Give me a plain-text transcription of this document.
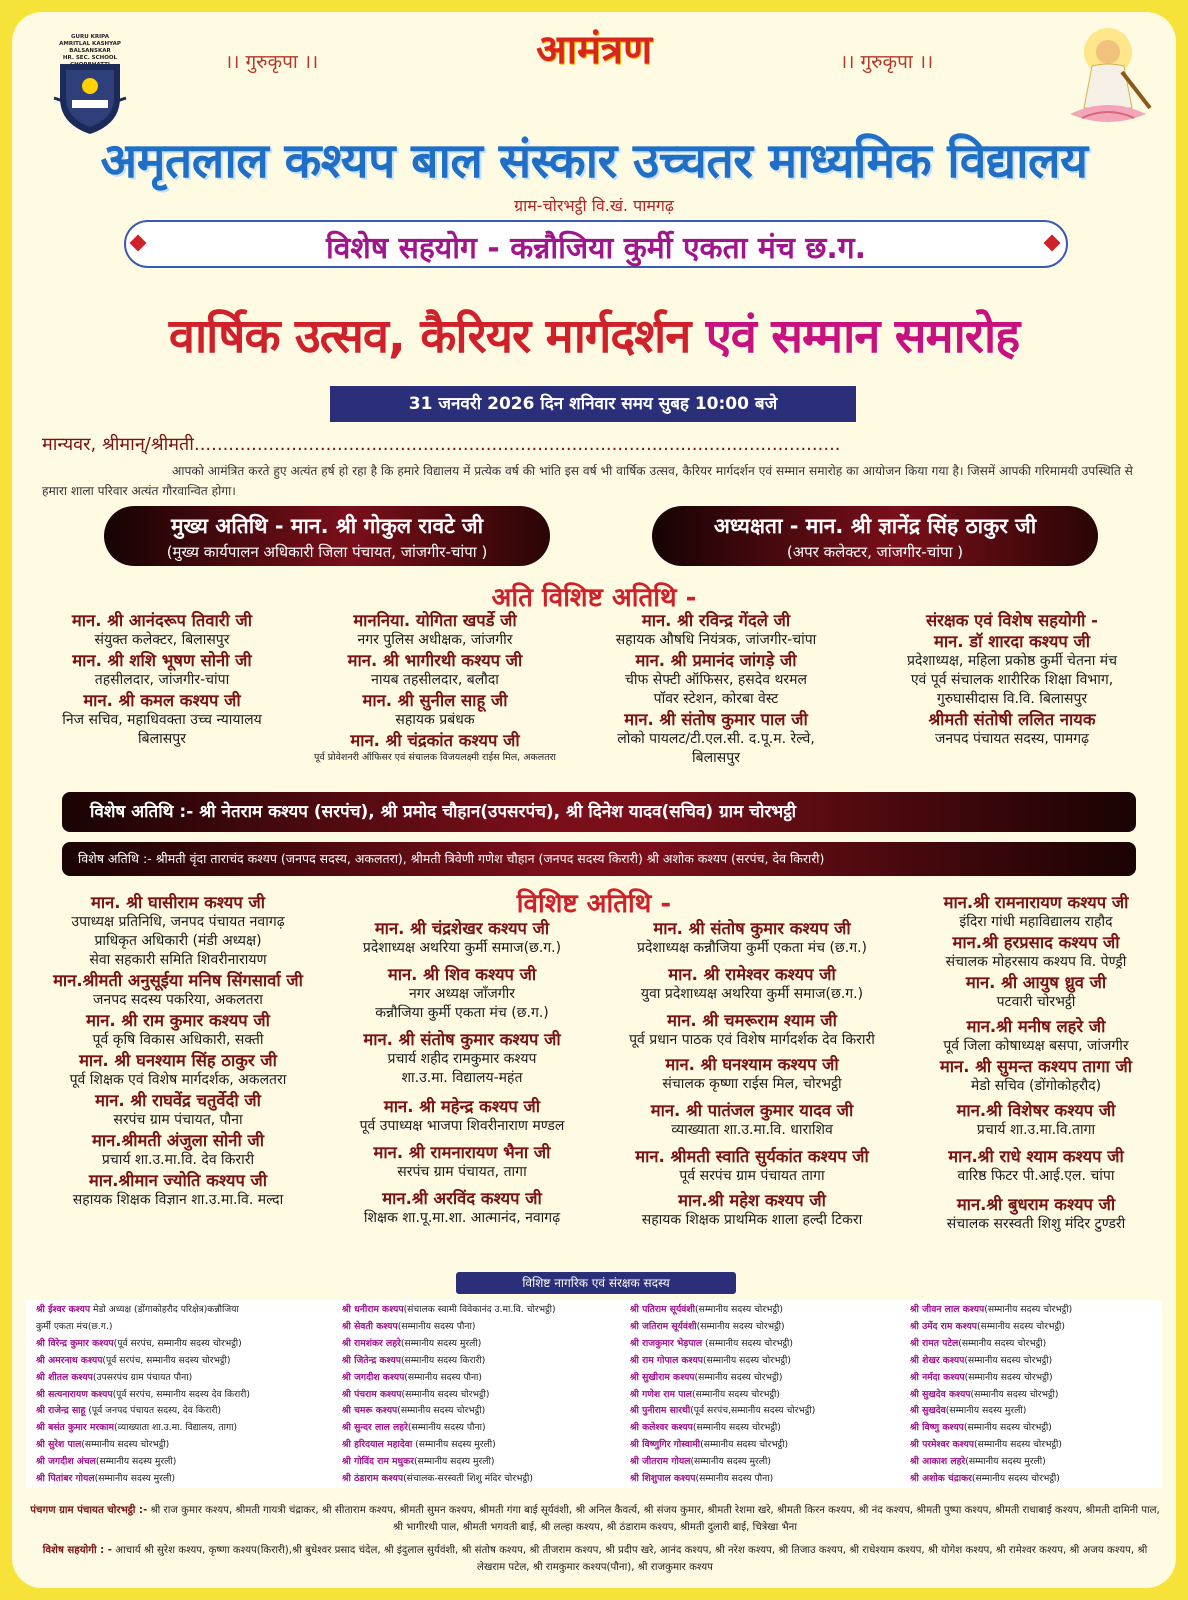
GURU KRIPA
AMRITLAL KASHYAP BALSANSKAR
HR. SEC. SCHOOL	।। गुरुकृपा ।।	।। गुरुकृपा ।।
आमंत्रण
अमृतलाल कश्यप बाल संस्कार उच्चतर माध्यमिक विद्यालय
ग्राम-चोरभट्ठी वि.खं. पामगढ़
विशेष सहयोग - कन्नौजिया कुर्मी एकता मंच छ.ग.
वार्षिक उत्सव, कैरियर मार्गदर्शन एवं सम्मान समारोह
31 जनवरी 2026 दिन शनिवार समय सुबह 10:00 बजे
मान्यवर, श्रीमान्/श्रीमती.................................................................................................................
आपको आमंत्रित करते हुए अत्यंत हर्ष हो रहा है कि हमारे विद्यालय में प्रत्येक वर्ष की भांति इस वर्ष भी वार्षिक उत्सव, कैरियर मार्गदर्शन एवं सम्मान समारोह का आयोजन किया गया है। जिसमें आपकी गरिमामयी उपस्थिति से हमारा शाला परिवार अत्यंत गौरवान्वित होगा।
मुख्य अतिथि - मान. श्री गोकुल रावटे जी
(मुख्य कार्यपालन अधिकारी जिला पंचायत, जांजगीर-चांपा )
अध्यक्षता - मान. श्री ज्ञानेंद्र सिंह ठाकुर जी
(अपर कलेक्टर, जांजगीर-चांपा )
अति विशिष्ट अतिथि -
मान. श्री आनंदरूप तिवारी जी
संयुक्त कलेक्टर, बिलासपुर
मान. श्री शशि भूषण सोनी जी
तहसीलदार, जांजगीर-चांपा
मान. श्री कमल कश्यप जी
निज सचिव, महाधिवक्ता उच्च न्यायालय
बिलासपुर
माननिया. योगिता खपर्डे जी
नगर पुलिस अधीक्षक, जांजगीर
मान. श्री भागीरथी कश्यप जी
नायब तहसीलदार, बलौदा
मान. श्री सुनील साहू जी
सहायक प्रबंधक
मान. श्री चंद्रकांत कश्यप जी
पूर्व प्रोवेशनरी ऑफिसर एवं संचालक विजयलक्ष्मी राईस मिल, अकलतरा
मान. श्री रविन्द्र गेंदले जी
सहायक औषधि नियंत्रक, जांजगीर-चांपा
मान. श्री प्रमानंद जांगड़े जी
चीफ सेफ्टी ऑफिसर, हसदेव थरमल
पॉवर स्टेशन, कोरबा वेस्ट
मान. श्री संतोष कुमार पाल जी
लोको पायलट/टी.एल.सी. द.पू.म. रेल्वे,
बिलासपुर
संरक्षक एवं विशेष सहयोगी -
मान. डॉ शारदा कश्यप जी
प्रदेशाध्यक्ष, महिला प्रकोष्ठ कुर्मी चेतना मंच
एवं पूर्व संचालक शारीरिक शिक्षा विभाग,
गुरुघासीदास वि.वि. बिलासपुर
श्रीमती संतोषी ललित नायक
जनपद पंचायत सदस्य, पामगढ़
विशेष अतिथि :- श्री नेतराम कश्यप (सरपंच), श्री प्रमोद चौहान(उपसरपंच), श्री दिनेश यादव(सचिव) ग्राम चोरभट्ठी
विशेष अतिथि :- श्रीमती वृंदा ताराचंद कश्यप (जनपद सदस्य, अकलतरा), श्रीमती त्रिवेणी गणेश चौहान (जनपद सदस्य किरारी) श्री अशोक कश्यप (सरपंच, देव किरारी)
विशिष्ट अतिथि -
मान. श्री घासीराम कश्यप जी
उपाध्यक्ष प्रतिनिधि, जनपद पंचायत नवागढ़
प्राधिकृत अधिकारी (मंडी अध्यक्ष)
सेवा सहकारी समिति शिवरीनारायण
मान.श्रीमती अनुसूईया मनिष सिंगसार्वा जी
जनपद सदस्य पकरिया, अकलतरा
मान. श्री राम कुमार कश्यप जी
पूर्व कृषि विकास अधिकारी, सक्ती
मान. श्री घनश्याम सिंह ठाकुर जी
पूर्व शिक्षक एवं विशेष मार्गदर्शक, अकलतरा
मान. श्री राघवेंद्र चतुर्वेदी जी
सरपंच ग्राम पंचायत, पौना
मान.श्रीमती अंजुला सोनी जी
प्रचार्य शा.उ.मा.वि. देव किरारी
मान.श्रीमान ज्योति कश्यप जी
सहायक शिक्षक विज्ञान शा.उ.मा.वि. मल्दा
मान. श्री चंद्रशेखर कश्यप जी
प्रदेशाध्यक्ष अथरिया कुर्मी समाज(छ.ग.)
मान. श्री शिव कश्यप जी
नगर अध्यक्ष जाँजगीर
कन्नौजिया कुर्मी एकता मंच (छ.ग.)
मान. श्री संतोष कुमार कश्यप जी
प्रचार्य शहीद रामकुमार कश्यप
शा.उ.मा. विद्यालय-महंत
मान. श्री महेन्द्र कश्यप जी
पूर्व उपाध्यक्ष भाजपा शिवरीनाराण मण्डल
मान. श्री रामनारायण भैना जी
सरपंच ग्राम पंचायत, तागा
मान.श्री अरविंद कश्यप जी
शिक्षक शा.पू.मा.शा. आत्मानंद, नवागढ़
मान. श्री संतोष कुमार कश्यप जी
प्रदेशाध्यक्ष कन्नौजिया कुर्मी एकता मंच (छ.ग.)
मान. श्री रामेश्वर कश्यप जी
युवा प्रदेशाध्यक्ष अथरिया कुर्मी समाज(छ.ग.)
मान. श्री चमरूराम श्याम जी
पूर्व प्रधान पाठक एवं विशेष मार्गदर्शक देव किरारी
मान. श्री घनश्याम कश्यप जी
संचालक कृष्णा राईस मिल, चोरभट्ठी
मान. श्री पातंजल कुमार यादव जी
व्याख्याता शा.उ.मा.वि. धाराशिव
मान. श्रीमती स्वाति सुर्यकांत कश्यप जी
पूर्व सरपंच ग्राम पंचायत तागा
मान.श्री महेश कश्यप जी
सहायक शिक्षक प्राथमिक शाला हल्दी टिकरा
मान.श्री रामनारायण कश्यप जी
इंदिरा गांधी महाविद्यालय राहौद
मान.श्री हरप्रसाद कश्यप जी
संचालक मोहरसाय कश्यप वि. पेण्ड्री
मान. श्री आयुष ध्रुव जी
पटवारी चोरभट्ठी
मान.श्री मनीष लहरे जी
पूर्व जिला कोषाध्यक्ष बसपा, जांजगीर
मान. श्री सुमन्त कश्यप तागा जी
मेडो सचिव (डोंगोकोहरौद)
मान.श्री विशेषर कश्यप जी
प्रचार्य शा.उ.मा.वि.तागा
मान.श्री राधे श्याम कश्यप जी
वारिष्ठ फिटर पी.आई.एल. चांपा
मान.श्री बुधराम कश्यप जी
संचालक सरस्वती शिशु मंदिर टुण्डरी
विशिष्ट नागरिक एवं संरक्षक सदस्य
श्री ईश्वर कश्यप मेडो अध्यक्ष (डोंगाकोहरौद परिक्षेत्र)कन्नौजिया
कुर्मी एकता मंच(छ.ग.)
श्री विरेन्द्र कुमार कश्यप(पूर्व सरपंच, सम्मानीय सदस्य चोरभट्ठी)
श्री अमरनाथ कश्यप(पूर्व सरपंच, सम्मानीय सदस्य चोरभट्ठी)
श्री शीतल कश्यप(उपसरपंच ग्राम पंचायत पौना)
श्री सत्यनारायण कश्यप(पूर्व सरपंच, सम्मानीय सदस्य देव किरारी)
श्री राजेन्द्र साहू (पूर्व जनपद पंचायत सदस्य, देव किरारी)
श्री बसंत कुमार मरकाम(व्याख्याता शा.उ.मा. विद्यालय, तागा)
श्री सुरेश पाल(सम्मानीय सदस्य चोरभट्ठी)
श्री जगदीश अंचल(सम्मानीय सदस्य मुरली)
श्री पितांबर गोयल(सम्मानीय सदस्य मुरली)
श्री धनीराम कश्यप(संचालक स्वामी विवेकानंद उ.मा.वि. चोरभट्ठी)
श्री सेवती कश्यप(सम्मानीय सदस्य पौना)
श्री रामशंकर लहरे(सम्मानीय सदस्य मुरली)
श्री जितेन्द्र कश्यप(सम्मानीय सदस्य किरारी)
श्री जगदीश कश्यप(सम्मानीय सदस्य पौना)
श्री पंचराम कश्यप(सम्मानीय सदस्य चोरभट्ठी)
श्री चमरू कश्यप(सम्मानीय सदस्य चोरभट्ठी)
श्री सुन्दर लाल लहरे(सम्मानीय सदस्य पौना)
श्री हरिदयाल महादेवा (सम्मानीय सदस्य मुरली)
श्री गोविंद राम मधुकर(सम्मानीय सदस्य मुरली)
श्री ठंडाराम कश्यप(संचालक-सरस्वती शिशु मंदिर चोरभट्ठी)
श्री पतिराम सूर्यवंशी(सम्मानीय सदस्य चोरभट्ठी)
श्री जतिराम सूर्यवंशी(सम्मानीय सदस्य चोरभट्ठी)
श्री राजकुमार भेड़पाल (सम्मानीय सदस्य चोरभट्ठी)
श्री राम गोपाल कश्यप(सम्मानीय सदस्य चोरभट्ठी)
श्री सुखीराम कश्यप(सम्मानीय सदस्य चोरभट्ठी)
श्री गणेश राम पाल(सम्मानीय सदस्य चोरभट्ठी)
श्री पुनीराम सारथी(पूर्व सरपंच,सम्मानीय सदस्य चोरभट्ठी)
श्री कलेश्वर कश्यप(सम्मानीय सदस्य चोरभट्ठी)
श्री विष्णुगिर गोस्वामी(सम्मानीय सदस्य चोरभट्ठी)
श्री जीतराम गोयल(सम्मानीय सदस्य मुरली)
श्री शिशुपाल कश्यप(सम्मानीय सदस्य पौना)
श्री जीवन लाल कश्यप(सम्मानीय सदस्य चोरभट्ठी)
श्री उमेंद राम कश्यप(सम्मानीय सदस्य चोरभट्ठी)
श्री रामत पटेल(सम्मानीय सदस्य चोरभट्ठी)
श्री शेखर कश्यप(सम्मानीय सदस्य चोरभट्ठी)
श्री नर्मदा कश्यप(सम्मानीय सदस्य चोरभट्ठी)
श्री सुखदेव कश्यप(सम्मानीय सदस्य चोरभट्ठी)
श्री सुखदेव(सम्मानीय सदस्य मुरली)
श्री विष्णु कश्यप(सम्मानीय सदस्य चोरभट्ठी)
श्री परमेश्वर कश्यप(सम्मानीय सदस्य चोरभट्ठी)
श्री आकाश लहरे(सम्मानीय सदस्य मुरली)
श्री अशोक चंद्राकर(सम्मानीय सदस्य चोरभट्ठी)
पंचगण ग्राम पंचायत चोरभट्ठी :- श्री राज कुमार कश्यप, श्रीमती गायत्री चंद्राकर, श्री सीताराम कश्यप, श्रीमती सुमन कश्यप, श्रीमती गंगा बाई सूर्यवंशी, श्री अनिल कैवर्त्य, श्री संजय कुमार, श्रीमती रेशमा खरे, श्रीमती किरन कश्यप, श्री नंद कश्यप, श्रीमती पुष्पा कश्यप, श्रीमती राधाबाई कश्यप, श्रीमती दामिनी पाल, श्री भागीरथी पाल, श्रीमती भगवती बाई, श्री लल्हा कश्यप, श्री ठंडाराम कश्यप, श्रीमती दुलारी बाई, चित्रेखा भैना
विशेष सहयोगी : - आचार्य श्री सुरेश कश्यप, कृष्णा कश्यप(किरारी),श्री बुधेश्वर प्रसाद चंदेल, श्री इंदुलाल सुर्यवंशी, श्री संतोष कश्यप, श्री तीजराम कश्यप, श्री प्रदीप खरे, आनंद कश्यप, श्री नरेश कश्यप, श्री तिजाउ कश्यप, श्री राधेश्याम कश्यप, श्री योगेश कश्यप, श्री रामेश्वर कश्यप, श्री अजय कश्यप, श्री लेखराम पटेल, श्री रामकुमार कश्यप(पौना), श्री राजकुमार कश्यप
